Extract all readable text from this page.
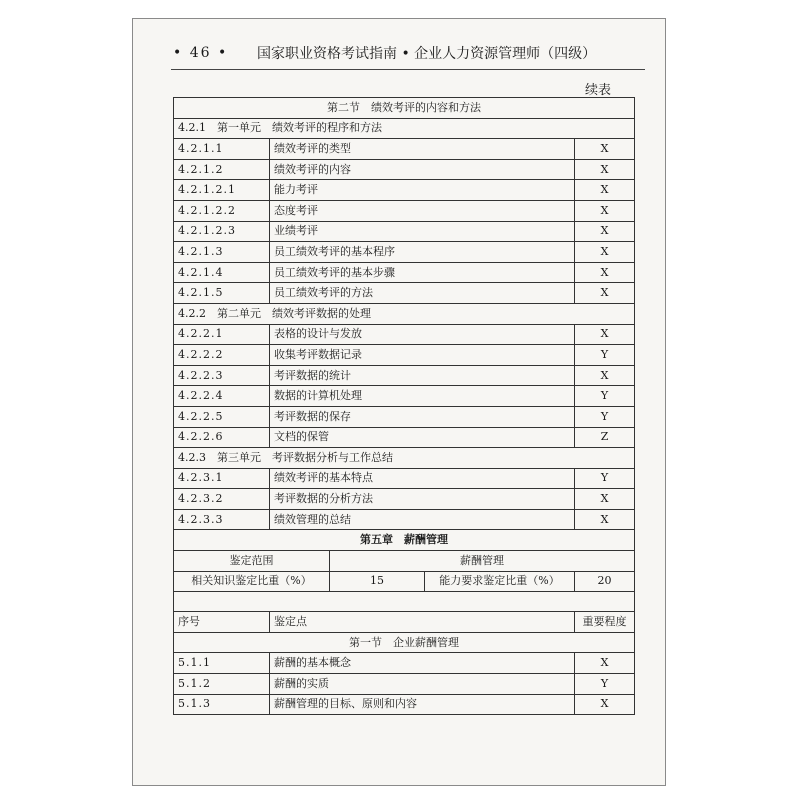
• 46 •	国家职业资格考试指南 • 企业人力资源管理师（四级）
续表
第二节　绩效考评的内容和方法				
4.2.1　第一单元　绩效考评的程序和方法				
4.2.1.1	绩效考评的类型			X
4.2.1.2	绩效考评的内容			X
4.2.1.2.1	能力考评			X
4.2.1.2.2	态度考评			X
4.2.1.2.3	业绩考评			X
4.2.1.3	员工绩效考评的基本程序			X
4.2.1.4	员工绩效考评的基本步骤			X
4.2.1.5	员工绩效考评的方法			X
4.2.2　第二单元　绩效考评数据的处理				
4.2.2.1	表格的设计与发放			X
4.2.2.2	收集考评数据记录			Y
4.2.2.3	考评数据的统计			X
4.2.2.4	数据的计算机处理			Y
4.2.2.5	考评数据的保存			Y
4.2.2.6	文档的保管			Z
4.2.3　第三单元　考评数据分析与工作总结				
4.2.3.1	绩效考评的基本特点			Y
4.2.3.2	考评数据的分析方法			X
4.2.3.3	绩效管理的总结			X
第五章　薪酬管理				
鉴定范围		薪酬管理		
相关知识鉴定比重（%）		15	能力要求鉴定比重（%）	20

序号	鉴定点			重要程度
第一节　企业薪酬管理				
5.1.1	薪酬的基本概念			X
5.1.2	薪酬的实质			Y
5.1.3	薪酬管理的目标、原则和内容			X
